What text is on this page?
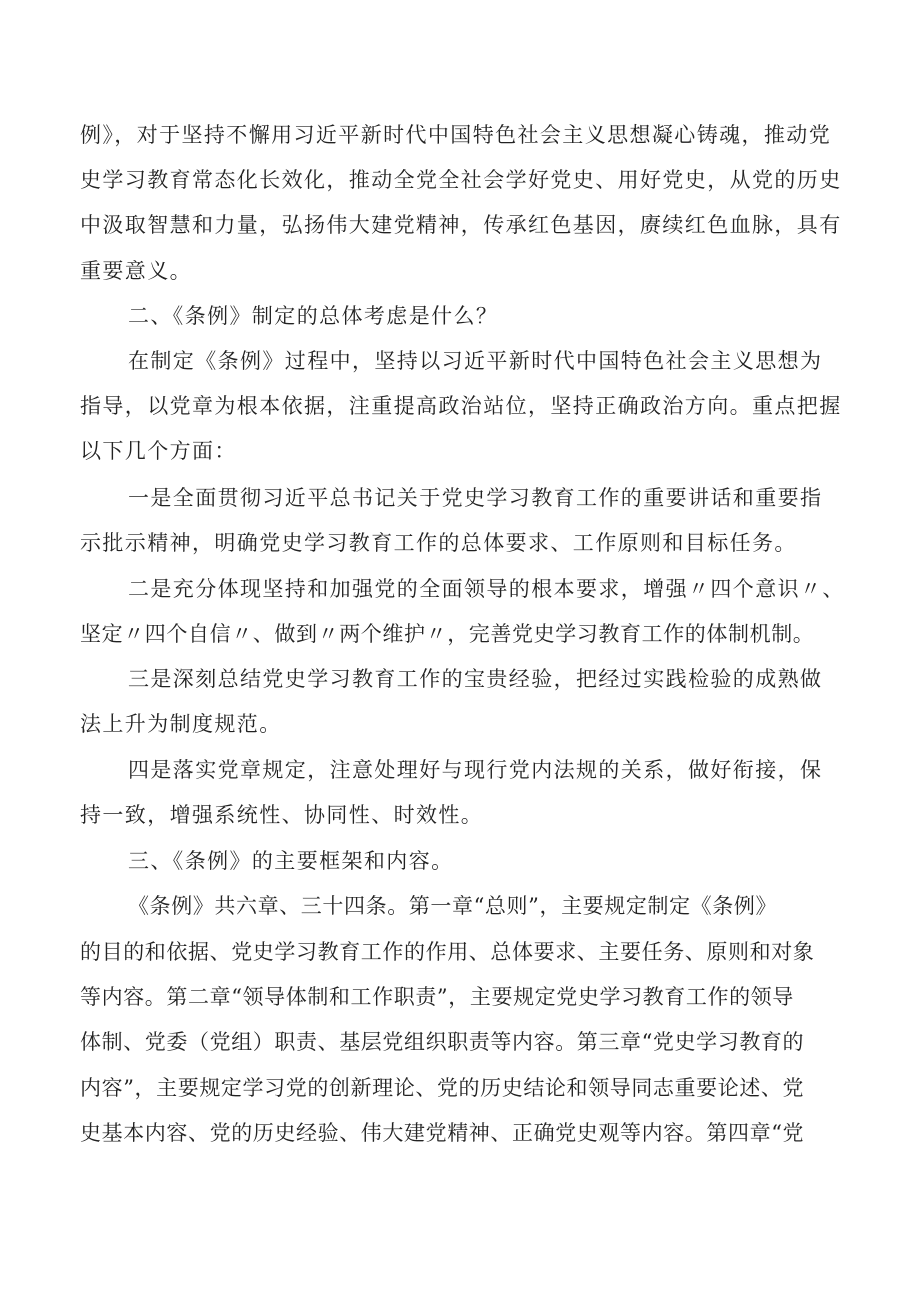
例》，对于坚持不懈用习近平新时代中国特色社会主义思想凝心铸魂，推动党

史学习教育常态化长效化，推动全党全社会学好党史、用好党史，从党的历史

中汲取智慧和力量，弘扬伟大建党精神，传承红色基因，赓续红色血脉，具有

重要意义。

二、《条例》制定的总体考虑是什么？

在制定《条例》过程中，坚持以习近平新时代中国特色社会主义思想为

指导，以党章为根本依据，注重提高政治站位，坚持正确政治方向。重点把握

以下几个方面：

一是全面贯彻习近平总书记关于党史学习教育工作的重要讲话和重要指

示批示精神，明确党史学习教育工作的总体要求、工作原则和目标任务。

二是充分体现坚持和加强党的全面领导的根本要求，增强〃四个意识〃、

坚定〃四个自信〃、做到〃两个维护〃，完善党史学习教育工作的体制机制。

三是深刻总结党史学习教育工作的宝贵经验，把经过实践检验的成熟做

法上升为制度规范。

四是落实党章规定，注意处理好与现行党内法规的关系，做好衔接，保

持一致，增强系统性、协同性、时效性。

三、《条例》的主要框架和内容。

《条例》共六章、三十四条。第一章“总则”，主要规定制定《条例》

的目的和依据、党史学习教育工作的作用、总体要求、主要任务、原则和对象

等内容。第二章“领导体制和工作职责”，主要规定党史学习教育工作的领导

体制、党委（党组）职责、基层党组织职责等内容。第三章“党史学习教育的

内容”，主要规定学习党的创新理论、党的历史结论和领导同志重要论述、党

史基本内容、党的历史经验、伟大建党精神、正确党史观等内容。第四章“党
